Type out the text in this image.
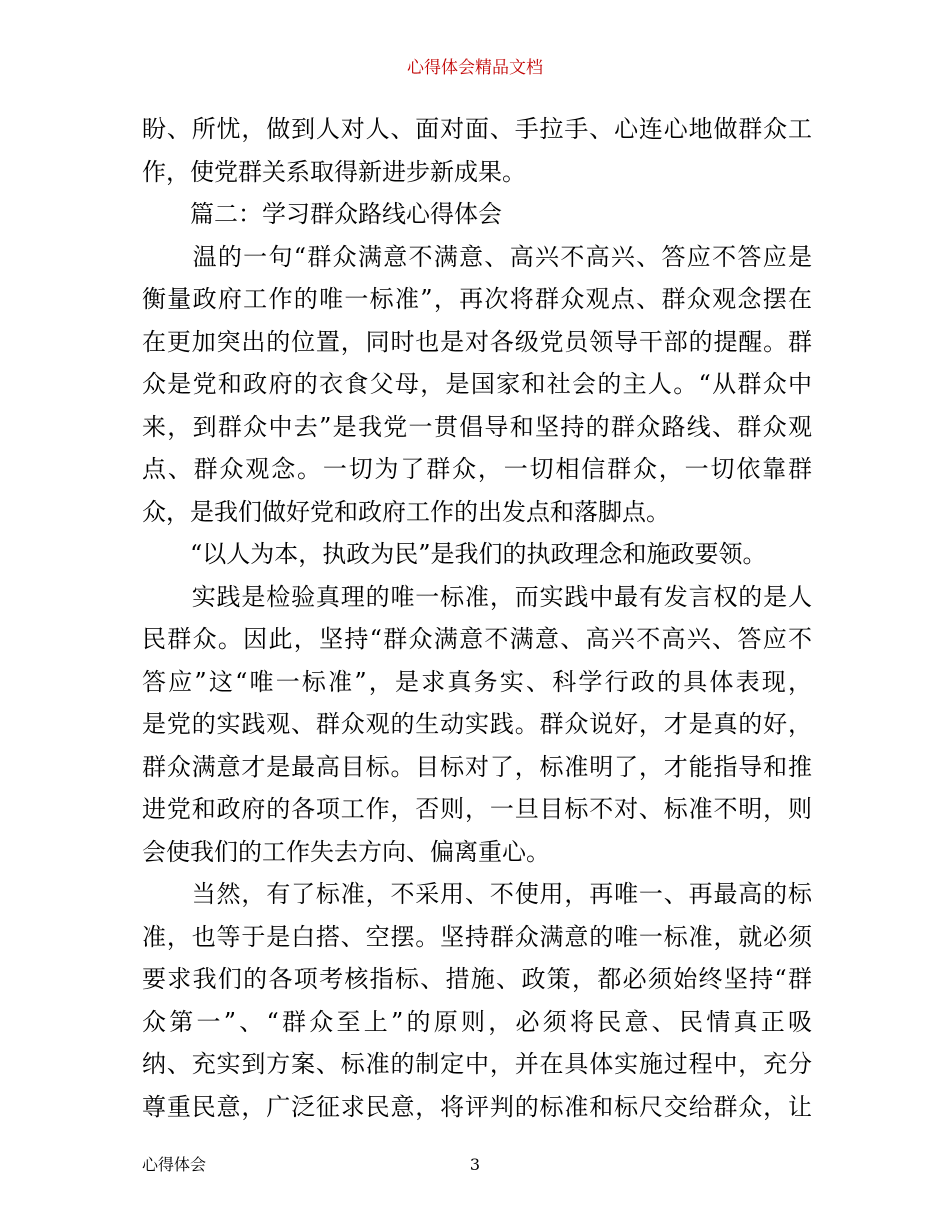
心得体会精品文档
盼、所忧，做到人对人、面对面、手拉手、心连心地做群众工
作，使党群关系取得新进步新成果。
　　篇二：学习群众路线心得体会
　　温的一句“群众满意不满意、高兴不高兴、答应不答应是
衡量政府工作的唯一标准”，再次将群众观点、群众观念摆在
在更加突出的位置，同时也是对各级党员领导干部的提醒。群
众是党和政府的衣食父母，是国家和社会的主人。“从群众中
来，到群众中去”是我党一贯倡导和坚持的群众路线、群众观
点、群众观念。一切为了群众，一切相信群众，一切依靠群
众，是我们做好党和政府工作的出发点和落脚点。
　　“以人为本，执政为民”是我们的执政理念和施政要领。
　　实践是检验真理的唯一标准，而实践中最有发言权的是人
民群众。因此，坚持“群众满意不满意、高兴不高兴、答应不
答应”这“唯一标准”，是求真务实、科学行政的具体表现，
是党的实践观、群众观的生动实践。群众说好，才是真的好，
群众满意才是最高目标。目标对了，标准明了，才能指导和推
进党和政府的各项工作，否则，一旦目标不对、标准不明，则
会使我们的工作失去方向、偏离重心。
　　当然，有了标准，不采用、不使用，再唯一、再最高的标
准，也等于是白搭、空摆。坚持群众满意的唯一标准，就必须
要求我们的各项考核指标、措施、政策，都必须始终坚持“群
众第一”、“群众至上”的原则，必须将民意、民情真正吸
纳、充实到方案、标准的制定中，并在具体实施过程中，充分
尊重民意，广泛征求民意，将评判的标准和标尺交给群众，让
心得体会	3
